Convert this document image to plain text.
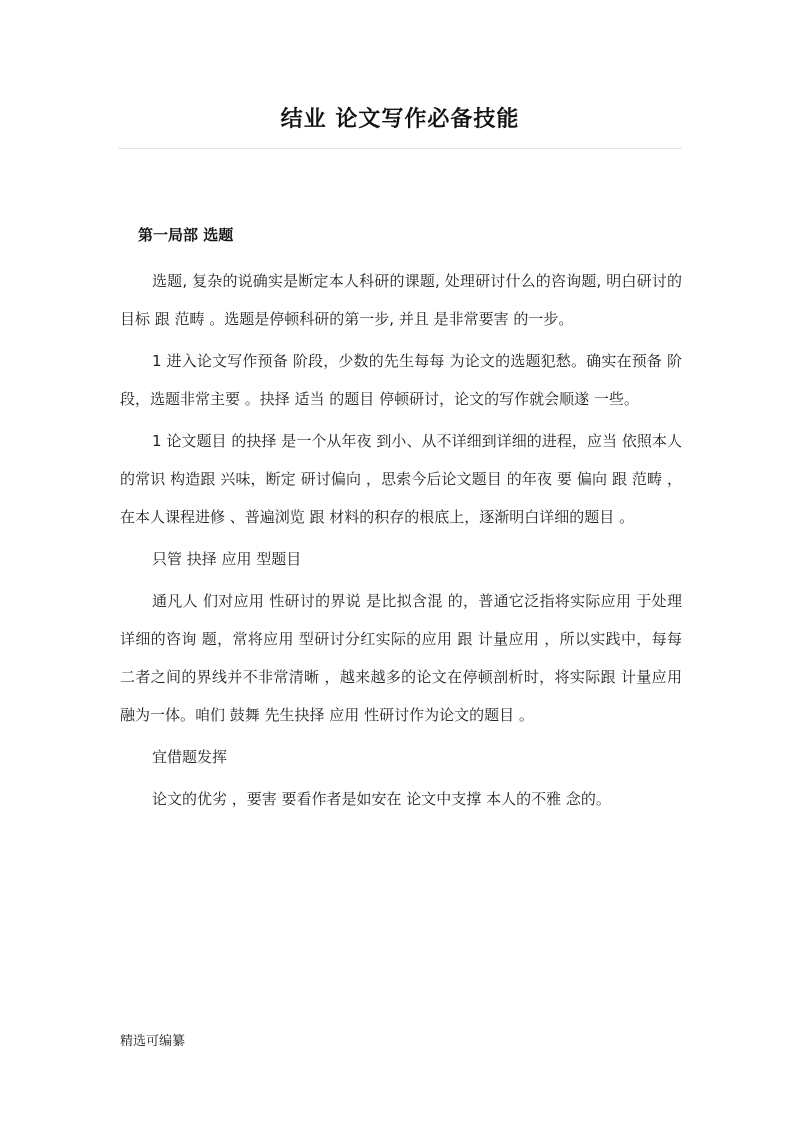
结业 论文写作必备技能
第一局部 选题

选题, 复杂的说确实是断定本人科研的课题, 处理研讨什么的咨询题, 明白研讨的目标 跟 范畴 。选题是停顿科研的第一步, 并且 是非常要害 的一步。

1 进入论文写作预备 阶段，少数的先生每每 为论文的选题犯愁。确实在预备 阶段，选题非常主要 。抉择 适当 的题目 停顿研讨，论文的写作就会顺遂 一些。

1 论文题目 的抉择 是一个从年夜 到小、从不详细到详细的进程，应当 依照本人的常识 构造跟 兴味，断定 研讨偏向 ，思索今后论文题目 的年夜 要 偏向 跟 范畴 ，在本人课程进修 、普遍浏览 跟 材料的积存的根底上，逐渐明白详细的题目 。

只管 抉择 应用 型题目

通凡人 们对应用 性研讨的界说 是比拟含混 的，普通它泛指将实际应用 于处理详细的咨询 题，常将应用 型研讨分红实际的应用 跟 计量应用 ，所以实践中，每每 二者之间的界线并不非常清晰 ，越来越多的论文在停顿剖析时，将实际跟 计量应用 融为一体。咱们 鼓舞 先生抉择 应用 性研讨作为论文的题目 。

宜借题发挥

论文的优劣 ，要害 要看作者是如安在 论文中支撑 本人的不雅 念的。

精选可编纂
